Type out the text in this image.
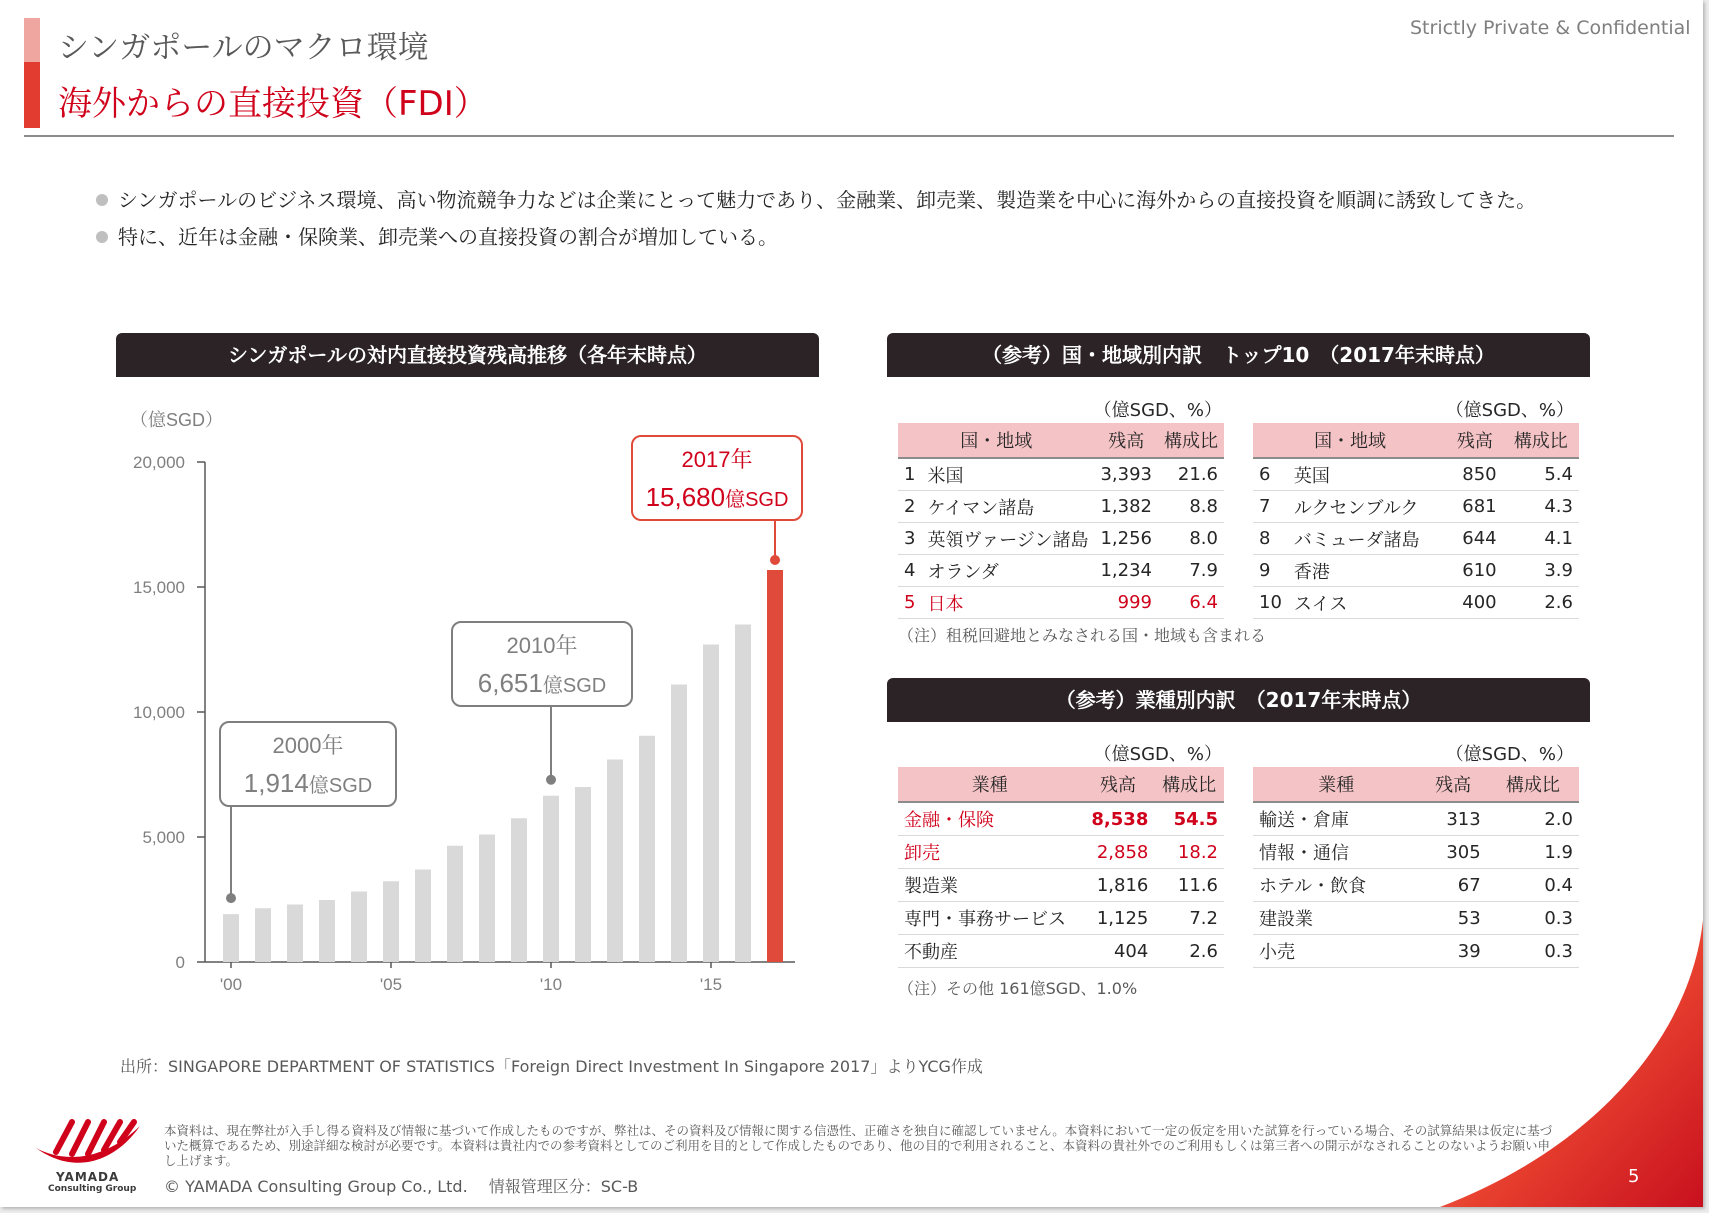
シンガポールのマクロ環境
海外からの直接投資（FDI）
Strictly Private & Confidential
シンガポールのビジネス環境、高い物流競争力などは企業にとって魅力であり、金融業、卸売業、製造業を中心に海外からの直接投資を順調に誘致してきた。
特に、近年は金融・保険業、卸売業への直接投資の割合が増加している。
シンガポールの対内直接投資残高推移（各年末時点）
（億SGD）
0
5,000
10,000
15,000
20,000
'00	'05	'10	'15
2000年
1,914億SGD
2010年
6,651億SGD
2017年
15,680億SGD
（参考）国・地域別内訳　トップ10　（2017年末時点）
（億SGD、%）	（億SGD、%）
国・地域		残高	構成比
1	米国	3,393	21.6
2	ケイマン諸島	1,382	8.8
3	英領ヴァージン諸島	1,256	8.0
4	オランダ	1,234	7.9
5	日本	999	6.4
国・地域		残高	構成比
6	英国	850	5.4
7	ルクセンブルク	681	4.3
8	バミューダ諸島	644	4.1
9	香港	610	3.9
10	スイス	400	2.6
（注）租税回避地とみなされる国・地域も含まれる
（参考）業種別内訳　（2017年末時点）
（億SGD、%）	（億SGD、%）
業種	残高	構成比
金融・保険	8,538	54.5
卸売	2,858	18.2
製造業	1,816	11.6
専門・事務サービス	1,125	7.2
不動産	404	2.6
業種	残高	構成比
輸送・倉庫	313	2.0
情報・通信	305	1.9
ホテル・飲食	67	0.4
建設業	53	0.3
小売	39	0.3
（注）その他 161億SGD、1.0%
出所：SINGAPORE DEPARTMENT OF STATISTICS「Foreign Direct Investment In Singapore 2017」よりYCG作成
YAMADA
Consulting Group
本資料は、現在弊社が入手し得る資料及び情報に基づいて作成したものですが、弊社は、その資料及び情報に関する信憑性、正確さを独自に確認していません。本資料において一定の仮定を用いた試算を行っている場合、その試算結果は仮定に基づいた概算であるため、別途詳細な検討が必要です。本資料は貴社内での参考資料としてのご利用を目的として作成したものであり、他の目的で利用されること、本資料の貴社外でのご利用もしくは第三者への開示がなされることのないようお願い申し上げます。
© YAMADA Consulting Group Co., Ltd.　 情報管理区分：SC-B	5
